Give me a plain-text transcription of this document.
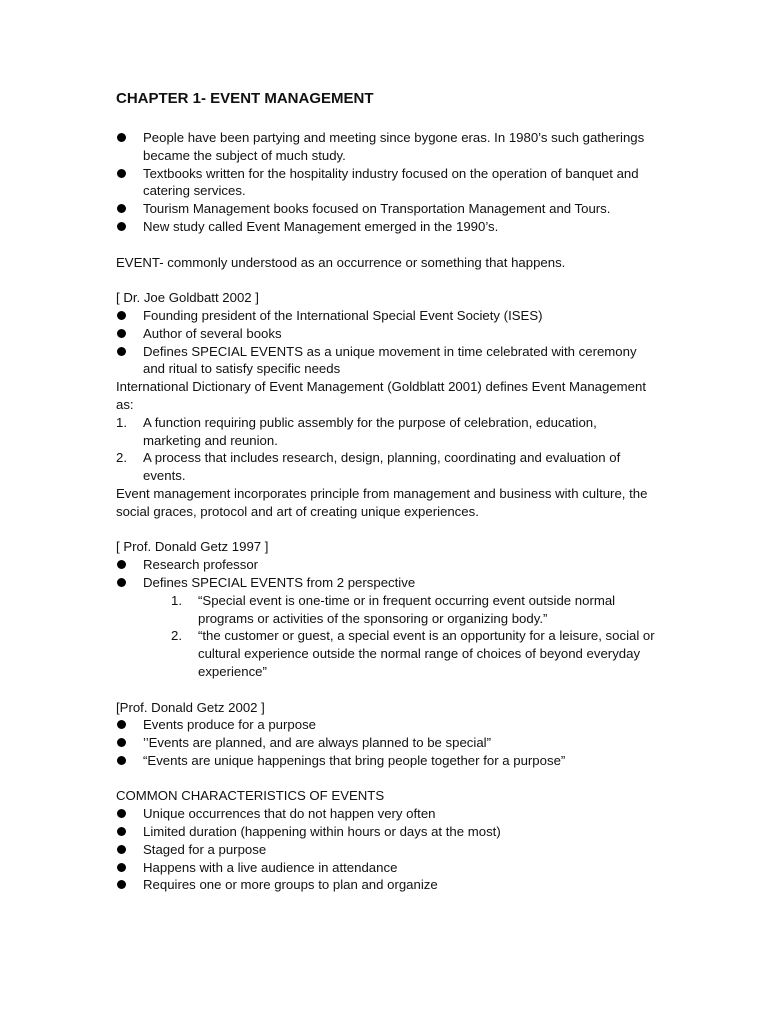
CHAPTER 1- EVENT MANAGEMENT
People have been partying and meeting since bygone eras. In 1980’s such gatherings became the subject of much study.
Textbooks written for the hospitality industry focused on the operation of banquet and catering services.
Tourism Management books focused on Transportation Management and Tours.
New study called Event Management emerged in the 1990’s.

EVENT- commonly understood as an occurrence or something that happens.

[ Dr. Joe Goldbatt 2002 ]

Founding president of the International Special Event Society (ISES)
Author of several books
Defines SPECIAL EVENTS as a unique movement in time celebrated with ceremony and ritual to satisfy specific needs

International Dictionary of Event Management (Goldblatt 2001) defines Event Management as:

1. A function requiring public assembly for the purpose of celebration, education, marketing and reunion.
2. A process that includes research, design, planning, coordinating and evaluation of events.

Event management incorporates principle from management and business with culture, the social graces, protocol and art of creating unique experiences.

[ Prof. Donald Getz 1997 ]

Research professor
Defines SPECIAL EVENTS from 2 perspective
1. “Special event is one-time or in frequent occurring event outside normal programs or activities of the sponsoring or organizing body.”
2. “the customer or guest, a special event is an opportunity for a leisure, social or cultural experience outside the normal range of choices of beyond everyday experience”

[Prof. Donald Getz 2002 ]

Events produce for a purpose
’’Events are planned, and are always planned to be special”
“Events are unique happenings that bring people together for a purpose”

COMMON CHARACTERISTICS OF EVENTS

Unique occurrences that do not happen very often
Limited duration (happening within hours or days at the most)
Staged for a purpose
Happens with a live audience in attendance
Requires one or more groups to plan and organize
